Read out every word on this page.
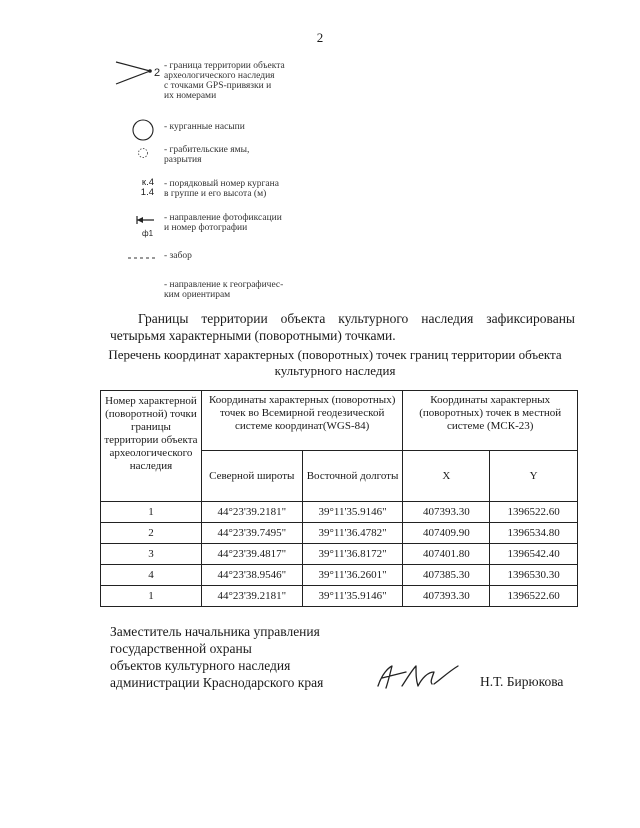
2
2
- граница территории объекта
археологического наследия
с точками GPS-привязки и
их номерами
- курганные насыпи
- грабительские ямы,
разрытия
к.4
1.4
- порядковый номер кургана
в группе и его высота (м)
ф1
- направление фотофиксации
и номер фотографии
- забор
- направление к географичес-
ким ориентирам
Границы территории объекта культурного наследия зафиксированы четырьмя характерными (поворотными) точками.
Перечень координат характерных (поворотных) точек границ территории объекта культурного наследия
Номер характерной (поворотной) точки границы территории объекта археологического наследия	Координаты характерных (поворотных) точек во Всемирной геодезической системе координат(WGS-84)		Координаты характерных (поворотных) точек в местной системе (МСК-23)	
	Северной широты	Восточной долготы	X	Y
1	44°23'39.2181"	39°11'35.9146"	407393.30	1396522.60
2	44°23'39.7495"	39°11'36.4782"	407409.90	1396534.80
3	44°23'39.4817"	39°11'36.8172"	407401.80	1396542.40
4	44°23'38.9546"	39°11'36.2601"	407385.30	1396530.30
1	44°23'39.2181"	39°11'35.9146"	407393.30	1396522.60
Заместитель начальника управления
государственной охраны
объектов культурного наследия
администрации Краснодарского края	Н.Т. Бирюкова
